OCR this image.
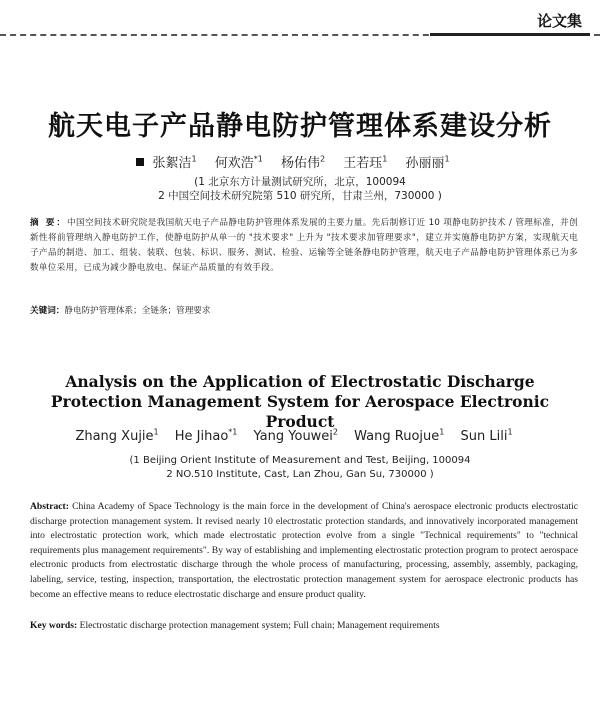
论文集
航天电子产品静电防护管理体系建设分析
张絮洁$^1$ 何欢浩$^{*1}$ 杨佑伟$^2$ 王若珏$^1$ 孙丽丽$^1$
(1 北京东方计量测试研究所，北京，100094
2 中国空间技术研究院第 510 研究所，甘肃兰州，730000 )
摘 要：中国空间技术研究院是我国航天电子产品静电防护管理体系发展的主要力量。先后制修订近 10 项静电防护技术 / 管理标准，并创新性将前管理纳入静电防护工作，使静电防护从单一的 "技术要求" 上升为 "技术要求加管理要求"，建立并实施静电防护方案，实现航天电子产品的制造、加工、组装、装联、包装、标识、服务、测试、检验、运输等全链条静电防护管理，航天电子产品静电防护管理体系已为多数单位采用，已成为减少静电放电、保证产品质量的有效手段。
关键词：静电防护管理体系；全链条；管理要求
Analysis on the Application of Electrostatic Discharge Protection Management System for Aerospace Electronic Product
Zhang Xujie$^1$ He Jihao$^{*1}$ Yang Youwei$^2$ Wang Ruojue$^1$ Sun Lili$^1$
(1 Beijing Orient Institute of Measurement and Test, Beijing, 100094
2 NO.510 Institute, Cast, Lan Zhou, Gan Su, 730000 )
Abstract: China Academy of Space Technology is the main force in the development of China's aerospace electronic products electrostatic discharge protection management system. It revised nearly 10 electrostatic protection standards, and innovatively incorporated management into electrostatic protection work, which made electrostatic protection evolve from a single "Technical requirements" to "technical requirements plus management requirements". By way of establishing and implementing electrostatic protection program to protect aerospace electronic products from electrostatic discharge through the whole process of manufacturing, processing, assembly, assembly, packaging, labeling, service, testing, inspection, transportation, the electrostatic protection management system for aerospace electronic products has become an effective means to reduce electrostatic discharge and ensure product quality.
Key words: Electrostatic discharge protection management system; Full chain; Management requirements
